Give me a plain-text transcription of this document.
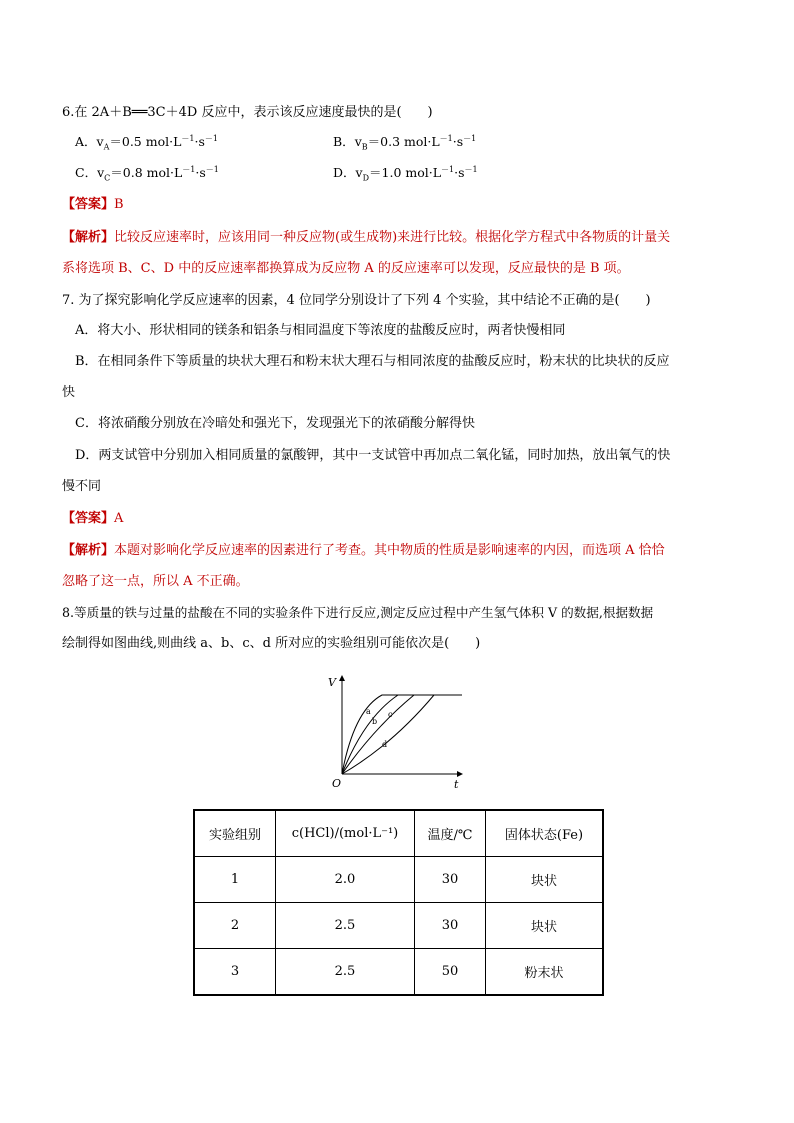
6.在 2A＋B══3C＋4D 反应中，表示该反应速度最快的是(　　)
A．$v_A=0.5$ $mol\cdot L^{-1}\cdot s^{-1}$	B．$v_B=0.3$ $mol\cdot L^{-1}\cdot s^{-1}$
C．$v_C=0.8$ $mol\cdot L^{-1}\cdot s^{-1}$	D．$v_D=1.0$ $mol\cdot L^{-1}\cdot s^{-1}$
【答案】B
【解析】比较反应速率时，应该用同一种反应物(或生成物)来进行比较。根据化学方程式中各物质的计量关
系将选项 B、C、D 中的反应速率都换算成为反应物 A 的反应速率可以发现，反应最快的是 B 项。
7. 为了探究影响化学反应速率的因素，4 位同学分别设计了下列 4 个实验，其中结论不正确的是(　　)
A．将大小、形状相同的镁条和铝条与相同温度下等浓度的盐酸反应时，两者快慢相同
B．在相同条件下等质量的块状大理石和粉末状大理石与相同浓度的盐酸反应时，粉末状的比块状的反应
快
C．将浓硝酸分别放在冷暗处和强光下，发现强光下的浓硝酸分解得快
D．两支试管中分别加入相同质量的氯酸钾，其中一支试管中再加点二氧化锰，同时加热，放出氧气的快
慢不同
【答案】A
【解析】本题对影响化学反应速率的因素进行了考查。其中物质的性质是影响速率的内因，而选项 A 恰恰
忽略了这一点，所以 A 不正确。
8.等质量的铁与过量的盐酸在不同的实验条件下进行反应,测定反应过程中产生氢气体积 V 的数据,根据数据
绘制得如图曲线,则曲线 a、b、c、d 所对应的实验组别可能依次是(　　)
V
t
O
a
b
c
d
实验组别	c(HCl)/(mol·L⁻¹)	温度/℃	固体状态(Fe)
1	2.0	30	块状
2	2.5	30	块状
3	2.5	50	粉末状
